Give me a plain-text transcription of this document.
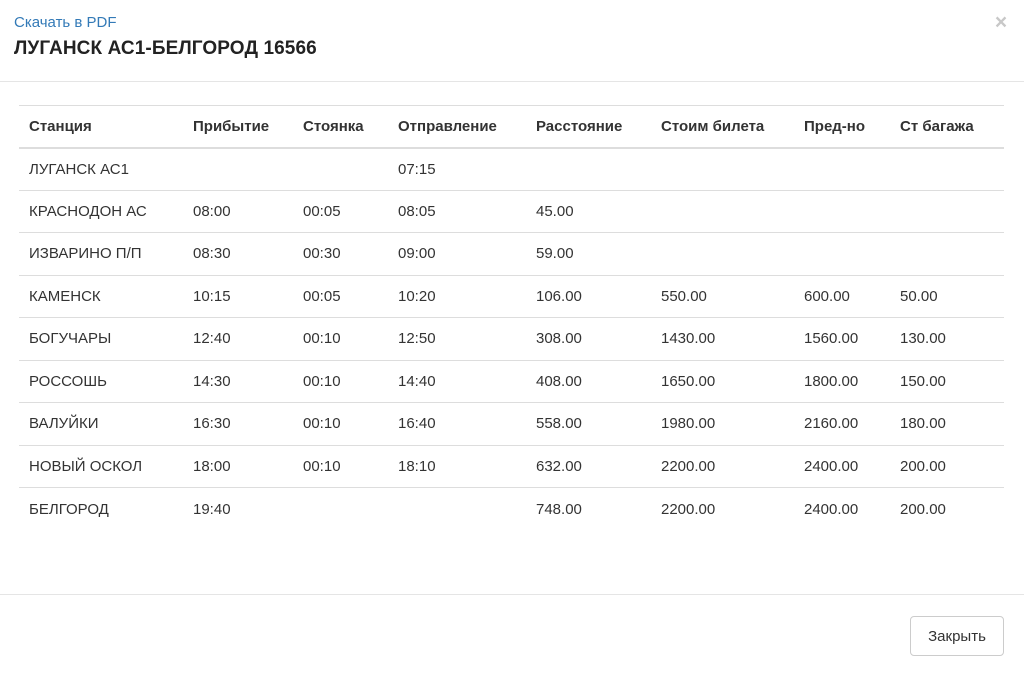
Скачать в PDF
ЛУГАНСК АС1-БЕЛГОРОД 16566
×
Станция	Прибытие	Стоянка	Отправление	Расстояние	Стоим билета	Пред-но	Ст багажа
ЛУГАНСК АС1			07:15				
КРАСНОДОН АС	08:00	00:05	08:05	45.00			
ИЗВАРИНО П/П	08:30	00:30	09:00	59.00			
КАМЕНСК	10:15	00:05	10:20	106.00	550.00	600.00	50.00
БОГУЧАРЫ	12:40	00:10	12:50	308.00	1430.00	1560.00	130.00
РОССОШЬ	14:30	00:10	14:40	408.00	1650.00	1800.00	150.00
ВАЛУЙКИ	16:30	00:10	16:40	558.00	1980.00	2160.00	180.00
НОВЫЙ ОСКОЛ	18:00	00:10	18:10	632.00	2200.00	2400.00	200.00
БЕЛГОРОД	19:40			748.00	2200.00	2400.00	200.00
Закрыть
